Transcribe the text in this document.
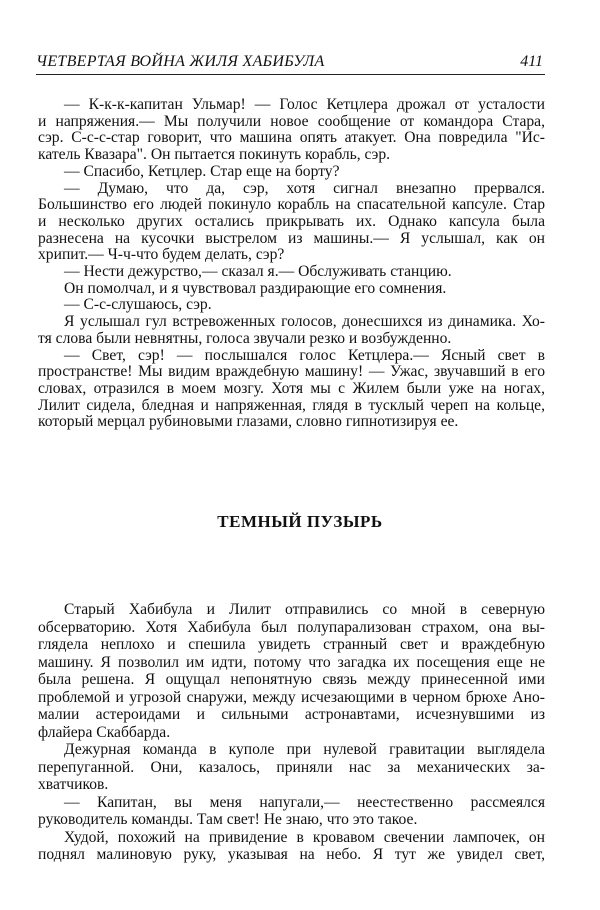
ЧЕТВЕРТАЯ ВОЙНА ЖИЛЯ ХАБИБУЛА	411
— К-к-к-капитан Ульмар! — Голос Кетцлера дрожал от усталости
и напряжения.— Мы получили новое сообщение от командора Стара,
сэр. С-с-с-стар говорит, что машина опять атакует. Она повредила "Ис-
катель Квазара". Он пытается покинуть корабль, сэр.
— Спасибо, Кетцлер. Стар еще на борту?
— Думаю, что да, сэр, хотя сигнал внезапно прервался.
Большинство его людей покинуло корабль на спасательной капсуле. Стар
и несколько других остались прикрывать их. Однако капсула была
разнесена на кусочки выстрелом из машины.— Я услышал, как он
хрипит.— Ч-ч-что будем делать, сэр?
— Нести дежурство,— сказал я.— Обслуживать станцию.
Он помолчал, и я чувствовал раздирающие его сомнения.
— С-с-слушаюсь, сэр.
Я услышал гул встревоженных голосов, донесшихся из динамика. Хо-
тя слова были невнятны, голоса звучали резко и возбужденно.
— Свет, сэр! — послышался голос Кетцлера.— Ясный свет в
пространстве! Мы видим враждебную машину! — Ужас, звучавший в его
словах, отразился в моем мозгу. Хотя мы с Жилем были уже на ногах,
Лилит сидела, бледная и напряженная, глядя в тусклый череп на кольце,
который мерцал рубиновыми глазами, словно гипнотизируя ее.
ТЕМНЫЙ ПУЗЫРЬ
Старый Хабибула и Лилит отправились со мной в северную
обсерваторию. Хотя Хабибула был полупарализован страхом, она вы-
глядела неплохо и спешила увидеть странный свет и враждебную
машину. Я позволил им идти, потому что загадка их посещения еще не
была решена. Я ощущал непонятную связь между принесенной ими
проблемой и угрозой снаружи, между исчезающими в черном брюхе Ано-
малии астероидами и сильными астронавтами, исчезнувшими из
флайера Скаббарда.
Дежурная команда в куполе при нулевой гравитации выглядела
перепуганной. Они, казалось, приняли нас за механических за-
хватчиков.
— Капитан, вы меня напугали,— неестественно рассмеялся
руководитель команды. Там свет! Не знаю, что это такое.
Худой, похожий на привидение в кровавом свечении лампочек, он
поднял малиновую руку, указывая на небо. Я тут же увидел свет,
